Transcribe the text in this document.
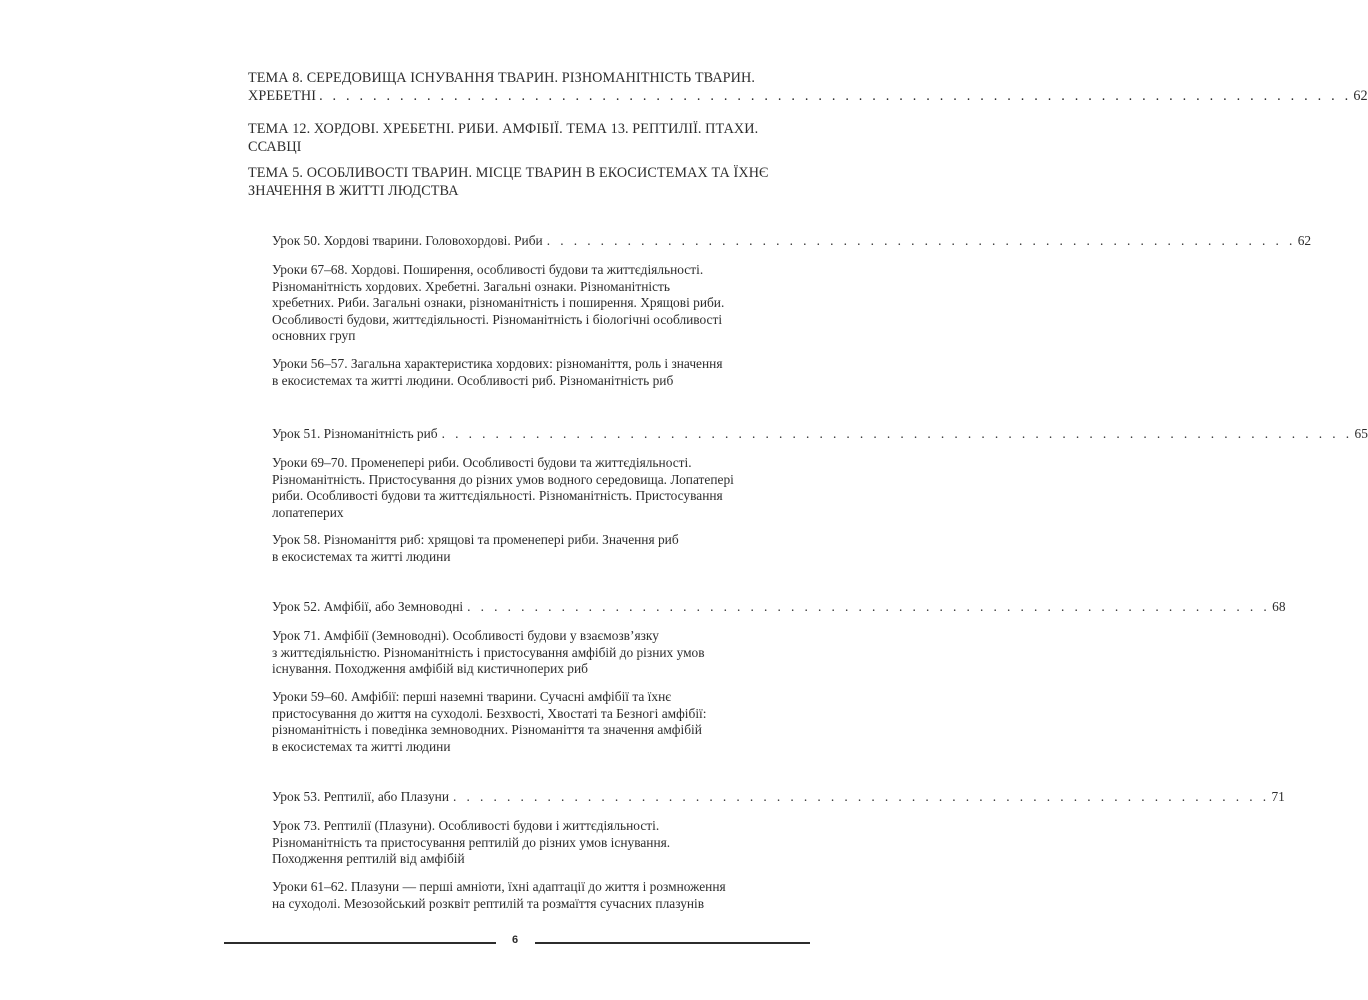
ТЕМА 8. СЕРЕДОВИЩА ІСНУВАННЯ ТВАРИН. РІЗНОМАНІТНІСТЬ ТВАРИН.
ХРЕБЕТНІ . . . . . . . . . . . . . . . . . . . . . . . . . . . . . . . . . . . . . . . . . . . . . . . . . . . . . . . . . . . . . . . . . . . . . . . . . . . . . 62
ТЕМА 12. ХОРДОВІ. ХРЕБЕТНІ. РИБИ. АМФІБІЇ. ТЕМА 13. РЕПТИЛІЇ. ПТАХИ.
ССАВЦІ
ТЕМА 5. ОСОБЛИВОСТІ ТВАРИН. МІСЦЕ ТВАРИН В ЕКОСИСТЕМАХ ТА ЇХНЄ
ЗНАЧЕННЯ В ЖИТТІ ЛЮДСТВА
Урок 50. Хордові тварини. Головохордові. Риби . . . . . . . . . . . . . . . . . . . . . . . . . . . . . . . . . . . . . . . . . . . . . . . . . . . . . . . . 62
Уроки 67–68. Хордові. Поширення, особливості будови та життєдіяльності.
Різноманітність хордових. Хребетні. Загальні ознаки. Різноманітність
хребетних. Риби. Загальні ознаки, різноманітність і поширення. Хрящові риби.
Особливості будови, життєдіяльності. Різноманітність і біологічні особливості
основних груп
Уроки 56–57. Загальна характеристика хордових: різноманіття, роль і значення
в екосистемах та житті людини. Особливості риб. Різноманітність риб
Урок 51. Різноманітність риб . . . . . . . . . . . . . . . . . . . . . . . . . . . . . . . . . . . . . . . . . . . . . . . . . . . . . . . . . . . . . . . . . . . . 65
Уроки 69–70. Променепері риби. Особливості будови та життєдіяльності.
Різноманітність. Пристосування до різних умов водного середовища. Лопатепері
риби. Особливості будови та життєдіяльності. Різноманітність. Пристосування
лопатеперих
Урок 58. Різноманіття риб: хрящові та променепері риби. Значення риб
в екосистемах та житті людини
Урок 52. Амфібії, або Земноводні . . . . . . . . . . . . . . . . . . . . . . . . . . . . . . . . . . . . . . . . . . . . . . . . . . . . . . . . . . . . 68
Урок 71. Амфібії (Земноводні). Особливості будови у взаємозв’язку
з життєдіяльністю. Різноманітність і пристосування амфібій до різних умов
існування. Походження амфібій від кистичноперих риб
Уроки 59–60. Амфібії: перші наземні тварини. Сучасні амфібії та їхнє
пристосування до життя на суходолі. Безхвості, Хвостаті та Безногі амфібії:
різноманітність і поведінка земноводних. Різноманіття та значення амфібій
в екосистемах та житті людини
Урок 53. Рептилії, або Плазуни . . . . . . . . . . . . . . . . . . . . . . . . . . . . . . . . . . . . . . . . . . . . . . . . . . . . . . . . . . . . . 71
Урок 73. Рептилії (Плазуни). Особливості будови і життєдіяльності.
Різноманітність та пристосування рептилій до різних умов існування.
Походження рептилій від амфібій
Уроки 61–62. Плазуни — перші амніоти, їхні адаптації до життя і розмноження
на суходолі. Мезозойський розквіт рептилій та розмаїття сучасних плазунів
6
